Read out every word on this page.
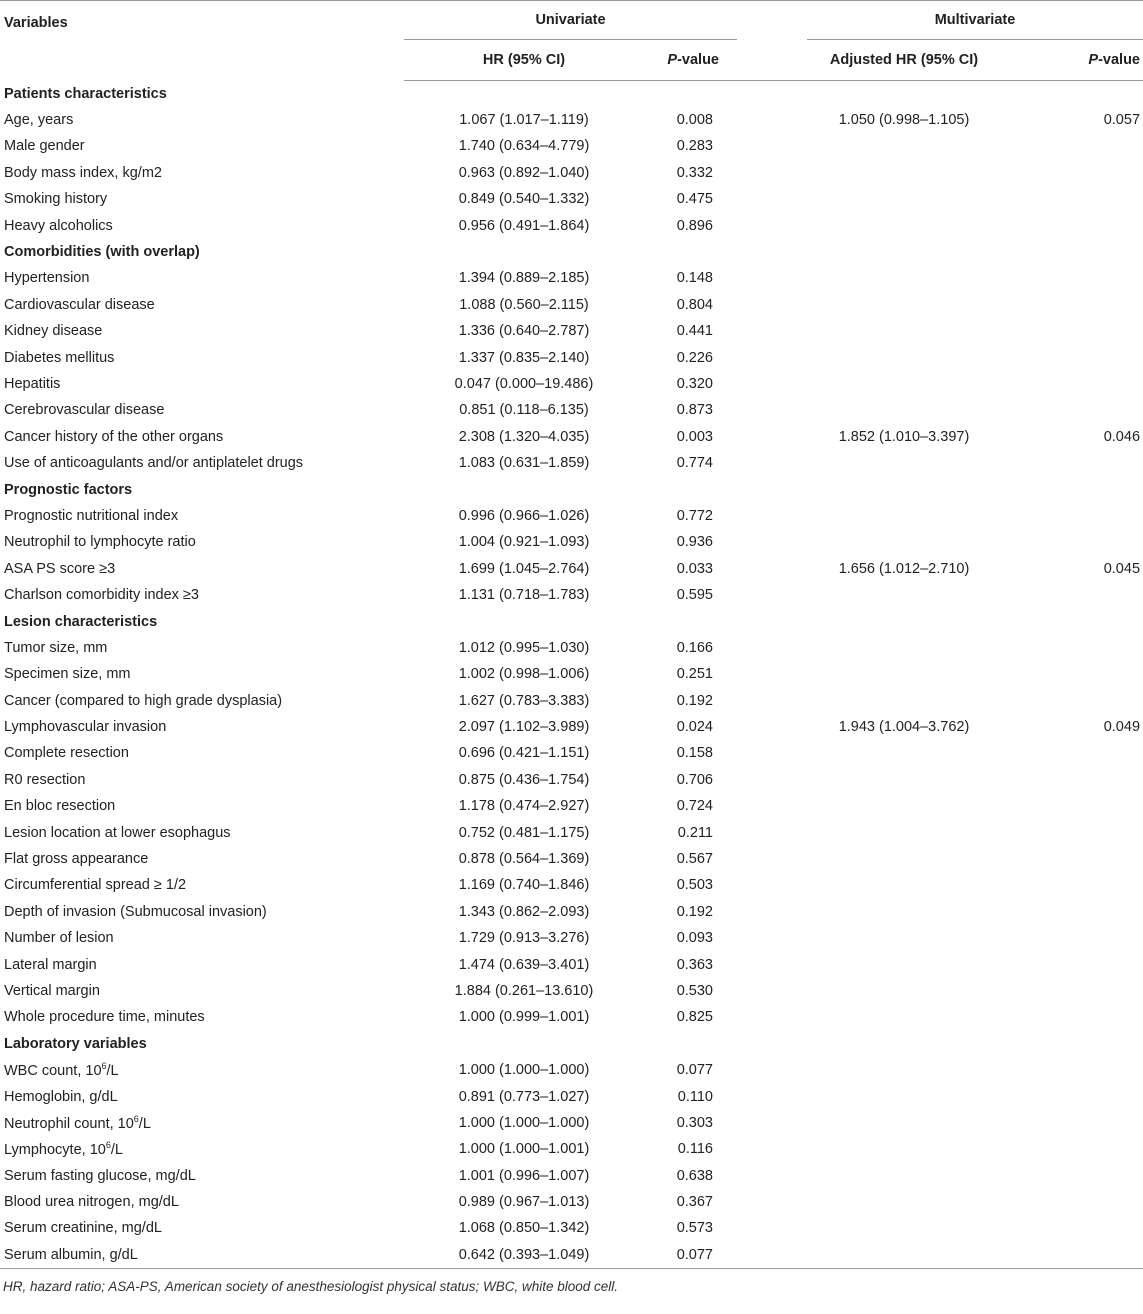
Variables	Univariate			Multivariate		

	HR (95% CI)	P-value		Adjusted HR (95% CI)		P-value
Patients characteristics						
Age, years	1.067 (1.017–1.119)	0.008		1.050 (0.998–1.105)		0.057
Male gender	1.740 (0.634–4.779)	0.283				
Body mass index, kg/m2	0.963 (0.892–1.040)	0.332				
Smoking history	0.849 (0.540–1.332)	0.475				
Heavy alcoholics	0.956 (0.491–1.864)	0.896				
Comorbidities (with overlap)						
Hypertension	1.394 (0.889–2.185)	0.148				
Cardiovascular disease	1.088 (0.560–2.115)	0.804				
Kidney disease	1.336 (0.640–2.787)	0.441				
Diabetes mellitus	1.337 (0.835–2.140)	0.226				
Hepatitis	0.047 (0.000–19.486)	0.320				
Cerebrovascular disease	0.851 (0.118–6.135)	0.873				
Cancer history of the other organs	2.308 (1.320–4.035)	0.003		1.852 (1.010–3.397)		0.046
Use of anticoagulants and/or antiplatelet drugs	1.083 (0.631–1.859)	0.774				
Prognostic factors						
Prognostic nutritional index	0.996 (0.966–1.026)	0.772				
Neutrophil to lymphocyte ratio	1.004 (0.921–1.093)	0.936				
ASA PS score ≥3	1.699 (1.045–2.764)	0.033		1.656 (1.012–2.710)		0.045
Charlson comorbidity index ≥3	1.131 (0.718–1.783)	0.595				
Lesion characteristics						
Tumor size, mm	1.012 (0.995–1.030)	0.166				
Specimen size, mm	1.002 (0.998–1.006)	0.251				
Cancer (compared to high grade dysplasia)	1.627 (0.783–3.383)	0.192				
Lymphovascular invasion	2.097 (1.102–3.989)	0.024		1.943 (1.004–3.762)		0.049
Complete resection	0.696 (0.421–1.151)	0.158				
R0 resection	0.875 (0.436–1.754)	0.706				
En bloc resection	1.178 (0.474–2.927)	0.724				
Lesion location at lower esophagus	0.752 (0.481–1.175)	0.211				
Flat gross appearance	0.878 (0.564–1.369)	0.567				
Circumferential spread ≥ 1/2	1.169 (0.740–1.846)	0.503				
Depth of invasion (Submucosal invasion)	1.343 (0.862–2.093)	0.192				
Number of lesion	1.729 (0.913–3.276)	0.093				
Lateral margin	1.474 (0.639–3.401)	0.363				
Vertical margin	1.884 (0.261–13.610)	0.530				
Whole procedure time, minutes	1.000 (0.999–1.001)	0.825				
Laboratory variables						
WBC count, $10^6/L$	1.000 (1.000–1.000)	0.077				
Hemoglobin, g/dL	0.891 (0.773–1.027)	0.110				
Neutrophil count, $10^6/L$	1.000 (1.000–1.000)	0.303				
Lymphocyte, $10^6/L$	1.000 (1.000–1.001)	0.116				
Serum fasting glucose, mg/dL	1.001 (0.996–1.007)	0.638				
Blood urea nitrogen, mg/dL	0.989 (0.967–1.013)	0.367				
Serum creatinine, mg/dL	1.068 (0.850–1.342)	0.573				
Serum albumin, g/dL	0.642 (0.393–1.049)	0.077				
HR, hazard ratio; ASA-PS, American society of anesthesiologist physical status; WBC, white blood cell.
